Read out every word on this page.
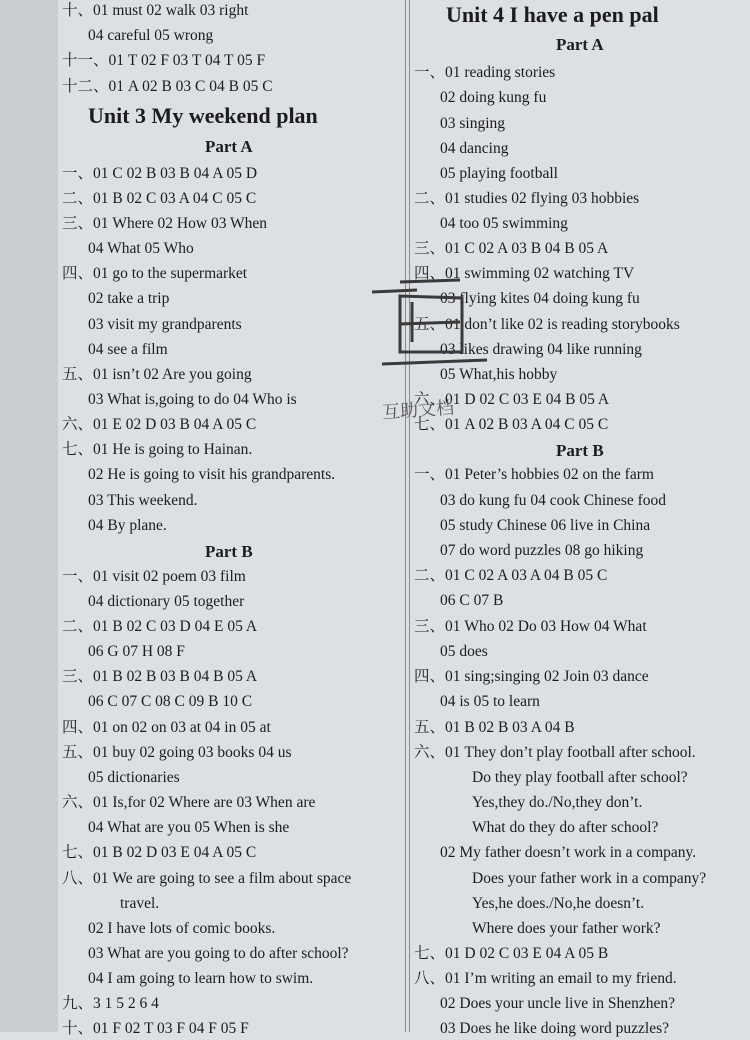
十、01 must 02 walk 03 right
04 careful 05 wrong
十一、01 T 02 F 03 T 04 T 05 F
十二、01 A 02 B 03 C 04 B 05 C
Unit 3 My weekend plan
Part A
一、01 C 02 B 03 B 04 A 05 D
二、01 B 02 C 03 A 04 C 05 C
三、01 Where 02 How 03 When
04 What 05 Who
四、01 go to the supermarket
02 take a trip
03 visit my grandparents
04 see a film
五、01 isn’t 02 Are you going
03 What is,going to do 04 Who is
六、01 E 02 D 03 B 04 A 05 C
七、01 He is going to Hainan.
02 He is going to visit his grandparents.
03 This weekend.
04 By plane.
Part B
一、01 visit 02 poem 03 film
04 dictionary 05 together
二、01 B 02 C 03 D 04 E 05 A
06 G 07 H 08 F
三、01 B 02 B 03 B 04 B 05 A
06 C 07 C 08 C 09 B 10 C
四、01 on 02 on 03 at 04 in 05 at
五、01 buy 02 going 03 books 04 us
05 dictionaries
六、01 Is,for 02 Where are 03 When are
04 What are you 05 When is she
七、01 B 02 D 03 E 04 A 05 C
八、01 We are going to see a film about space
travel.
02 I have lots of comic books.
03 What are you going to do after school?
04 I am going to learn how to swim.
九、3 1 5 2 6 4
十、01 F 02 T 03 F 04 F 05 F
Unit 4 I have a pen pal
Part A
一、01 reading stories
02 doing kung fu
03 singing
04 dancing
05 playing football
二、01 studies 02 flying 03 hobbies
04 too 05 swimming
三、01 C 02 A 03 B 04 B 05 A
四、01 swimming 02 watching TV
03 flying kites 04 doing kung fu
五、01 don’t like 02 is reading storybooks
03 likes drawing 04 like running
05 What,his hobby
六、01 D 02 C 03 E 04 B 05 A
七、01 A 02 B 03 A 04 C 05 C
Part B
一、01 Peter’s hobbies 02 on the farm
03 do kung fu 04 cook Chinese food
05 study Chinese 06 live in China
07 do word puzzles 08 go hiking
二、01 C 02 A 03 A 04 B 05 C
06 C 07 B
三、01 Who 02 Do 03 How 04 What
05 does
四、01 sing;singing 02 Join 03 dance
04 is 05 to learn
五、01 B 02 B 03 A 04 B
六、01 They don’t play football after school.
Do they play football after school?
Yes,they do./No,they don’t.
What do they do after school?
02 My father doesn’t work in a company.
Does your father work in a company?
Yes,he does./No,he doesn’t.
Where does your father work?
七、01 D 02 C 03 E 04 A 05 B
八、01 I’m writing an email to my friend.
02 Does your uncle live in Shenzhen?
03 Does he like doing word puzzles?
互助文档
